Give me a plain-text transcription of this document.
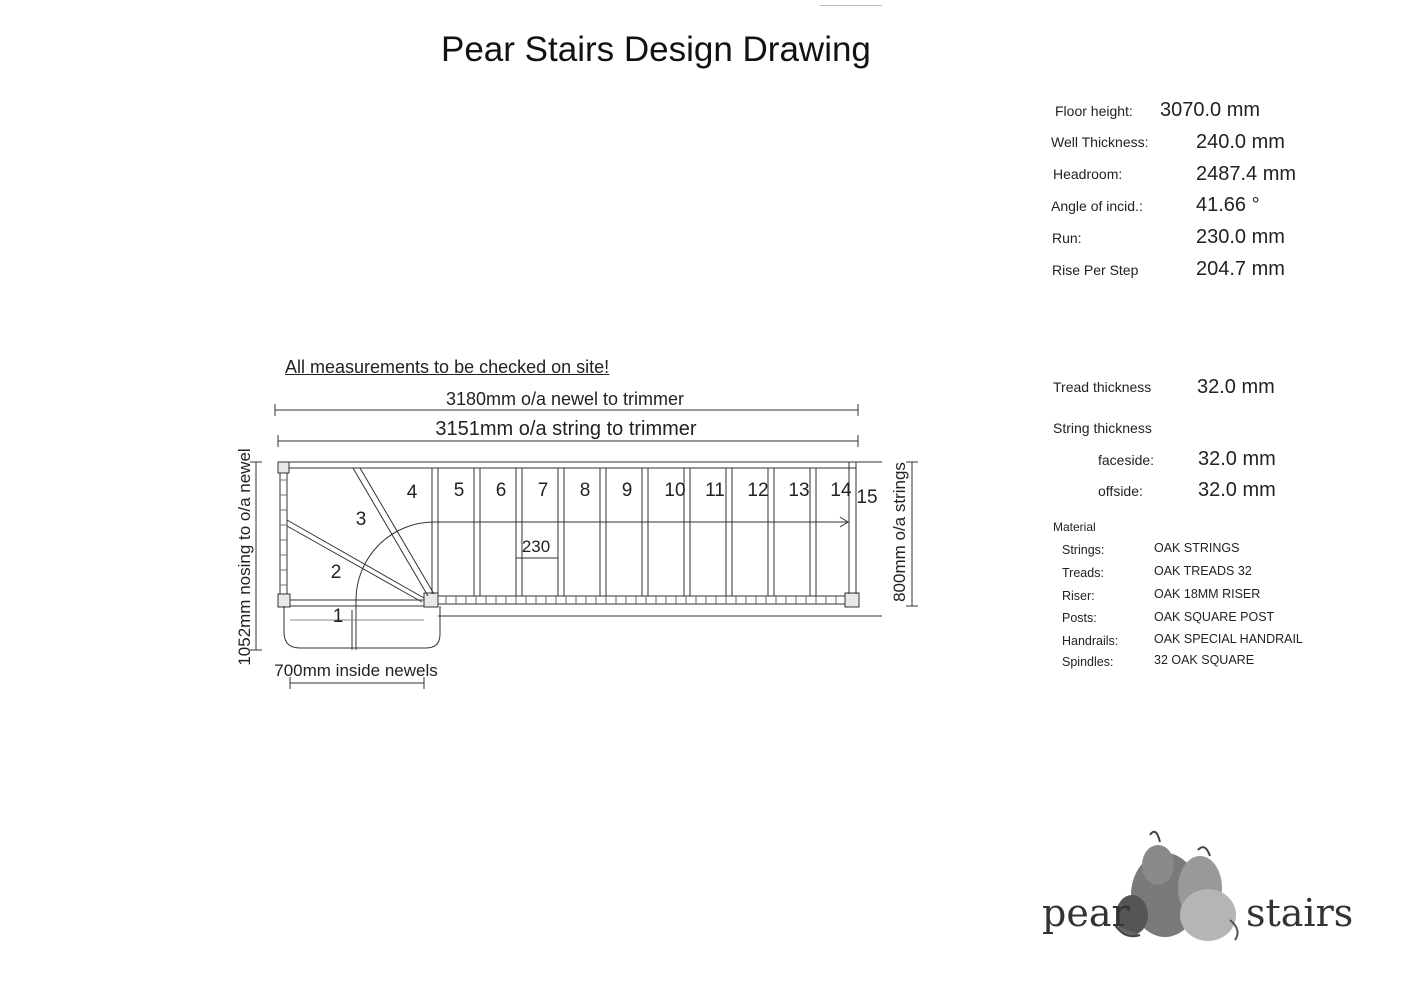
Pear Stairs Design Drawing
Floor height: 3070.0 mm
Well Thickness: 240.0 mm
Headroom:	2487.4 mm
Angle of incid.:	41.66 °
Run:	230.0 mm
Rise Per Step	204.7 mm
Tread thickness 32.0 mm
String thickness
faceside: 32.0 mm
offside:	32.0 mm
Material
Strings:	OAK STRINGS
Treads:	OAK TREADS 32
Riser:	OAK 18MM RISER
Posts:	OAK SQUARE POST
Handrails:	OAK SPECIAL HANDRAIL
Spindles:	32 OAK SQUARE
All measurements to be checked on site!
3180mm o/a newel to trimmer
3151mm o/a string to trimmer
1052mm nosing to o/a newel	800mm o/a strings
700mm inside newels
230
1
2
3
4 5 6 7 8 9 10 11 12 13 14 15
pear	stairs
